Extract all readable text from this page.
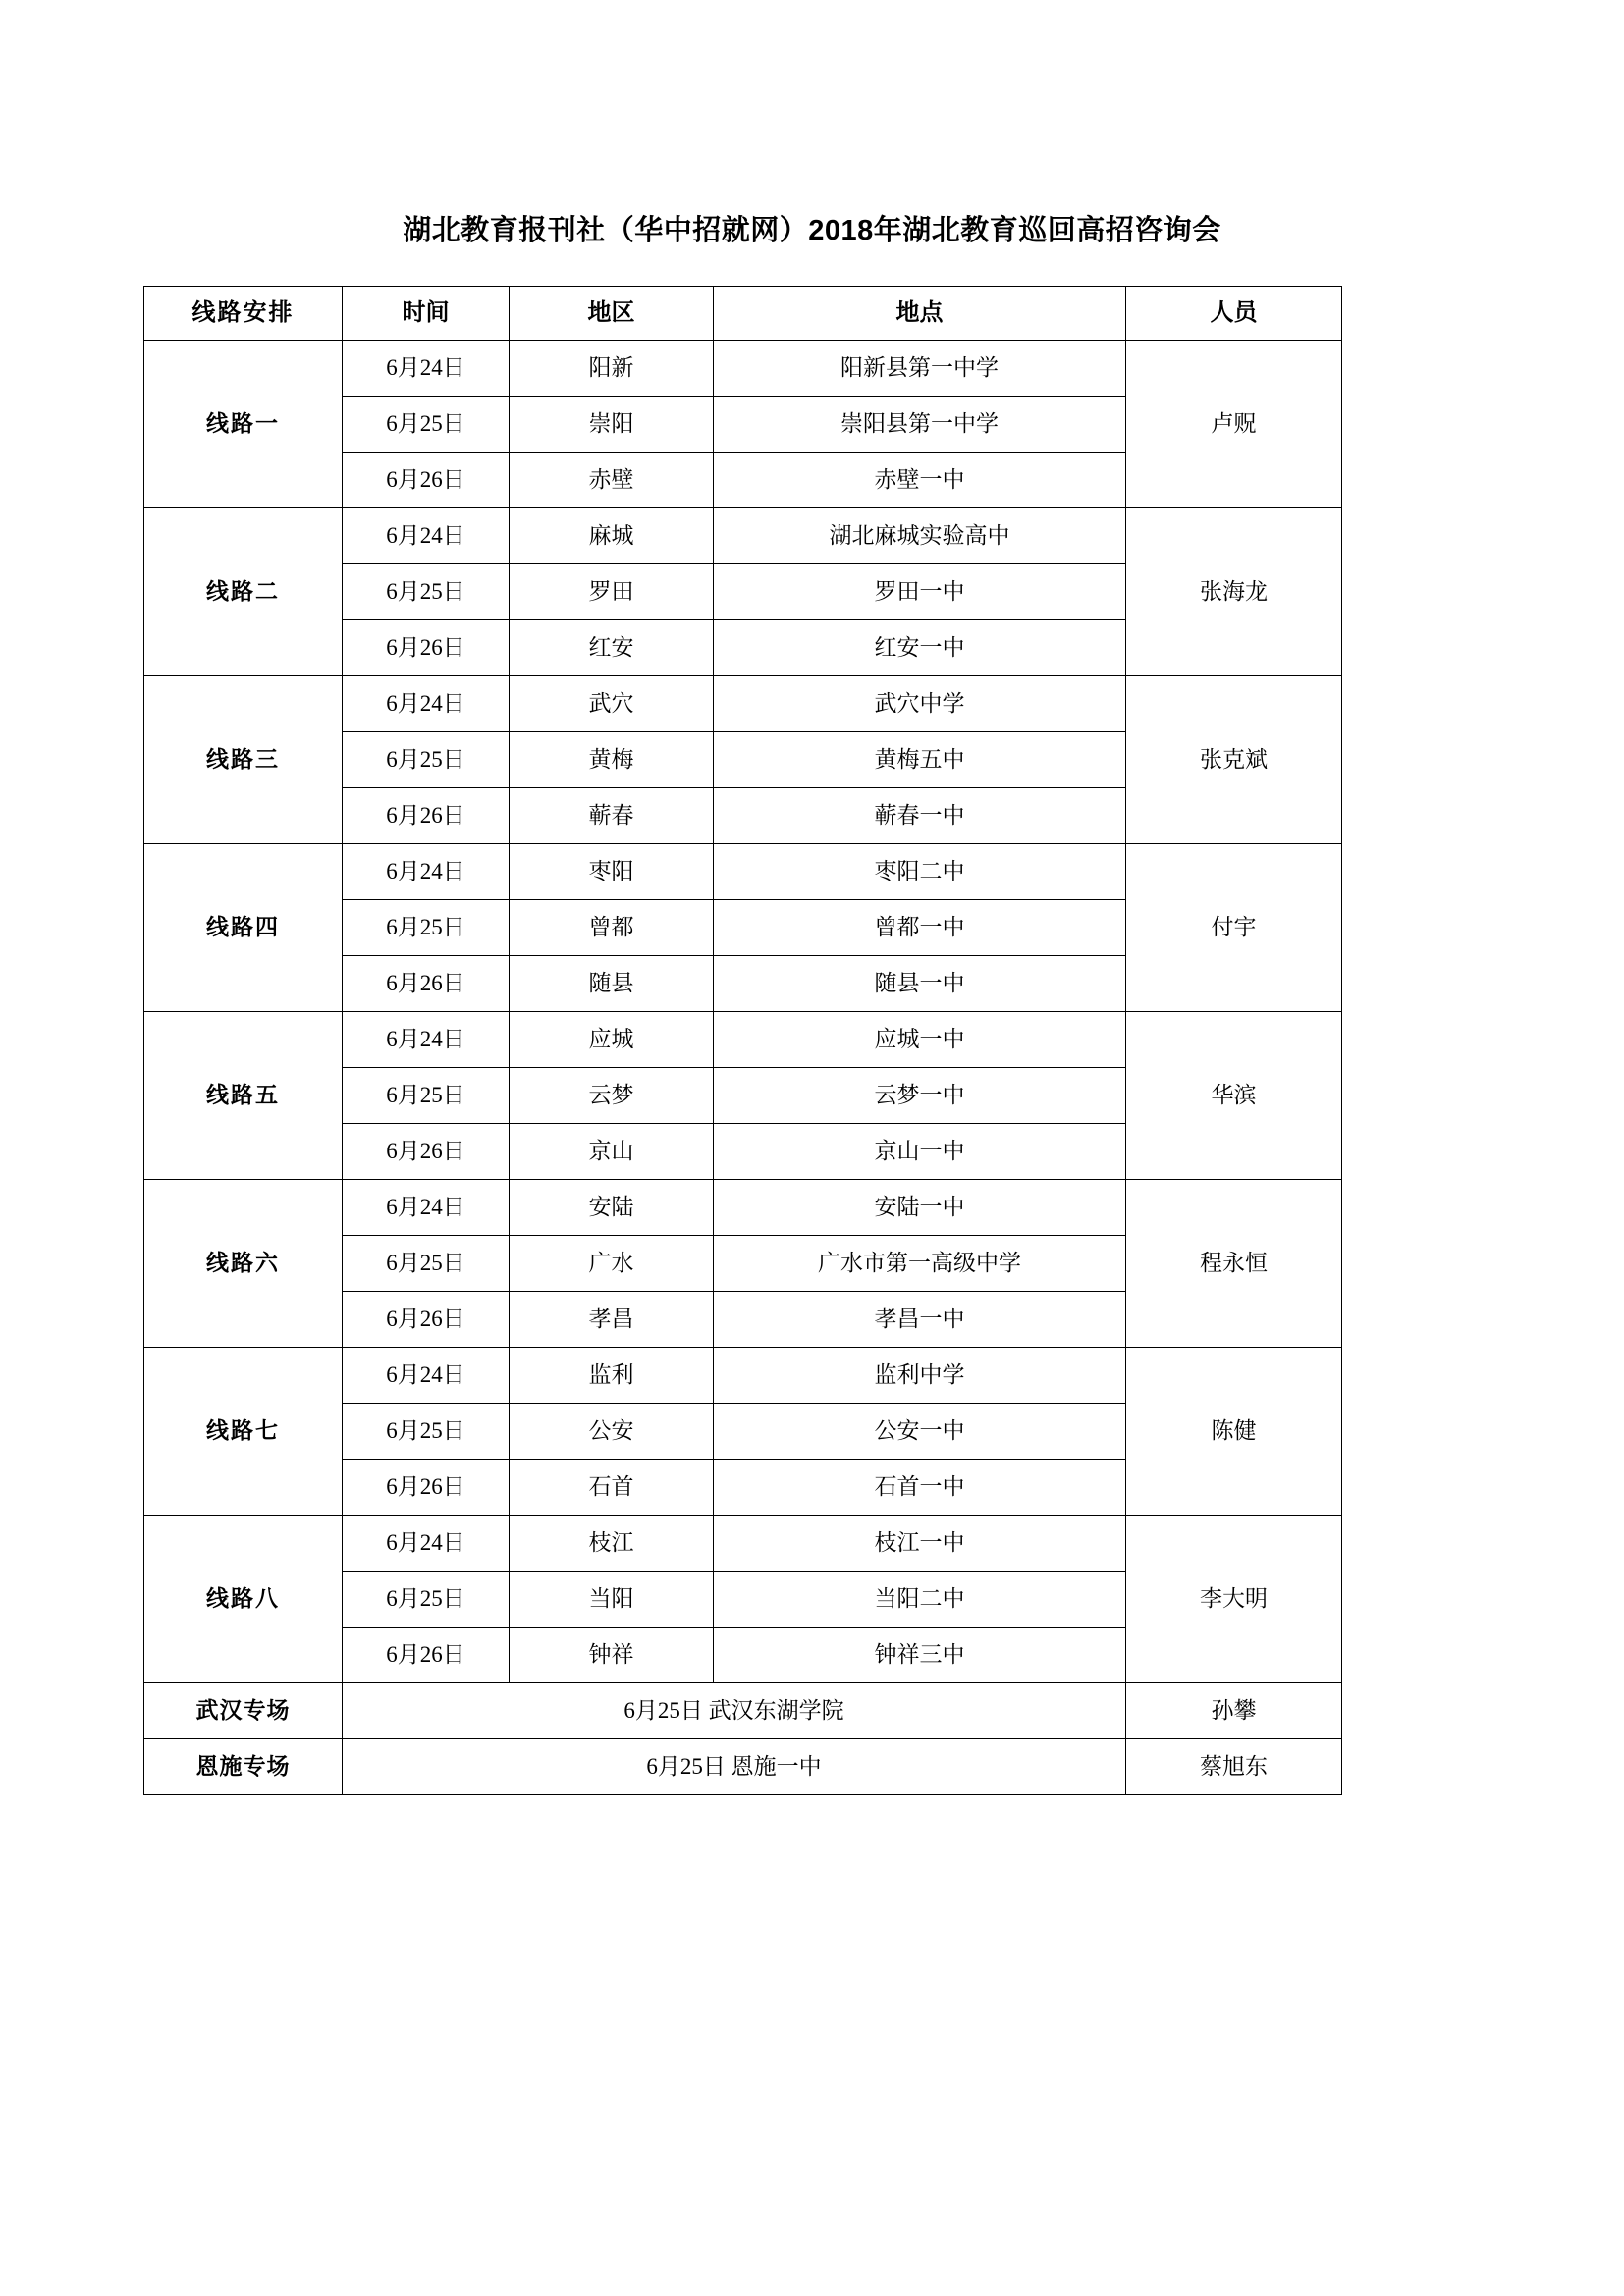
湖北教育报刊社（华中招就网）2018年湖北教育巡回高招咨询会
线路安排	时间	地区	地点	人员
线路一	6月24日	阳新	阳新县第一中学	卢贶
	6月25日	崇阳	崇阳县第一中学	
	6月26日	赤壁	赤壁一中	
线路二	6月24日	麻城	湖北麻城实验高中	张海龙
	6月25日	罗田	罗田一中	
	6月26日	红安	红安一中	
线路三	6月24日	武穴	武穴中学	张克斌
	6月25日	黄梅	黄梅五中	
	6月26日	蕲春	蕲春一中	
线路四	6月24日	枣阳	枣阳二中	付宇
	6月25日	曾都	曾都一中	
	6月26日	随县	随县一中	
线路五	6月24日	应城	应城一中	华滨
	6月25日	云梦	云梦一中	
	6月26日	京山	京山一中	
线路六	6月24日	安陆	安陆一中	程永恒
	6月25日	广水	广水市第一高级中学	
	6月26日	孝昌	孝昌一中	
线路七	6月24日	监利	监利中学	陈健
	6月25日	公安	公安一中	
	6月26日	石首	石首一中	
线路八	6月24日	枝江	枝江一中	李大明
	6月25日	当阳	当阳二中	
	6月26日	钟祥	钟祥三中	
武汉专场	6月25日 武汉东湖学院			孙攀
恩施专场	6月25日 恩施一中			蔡旭东
